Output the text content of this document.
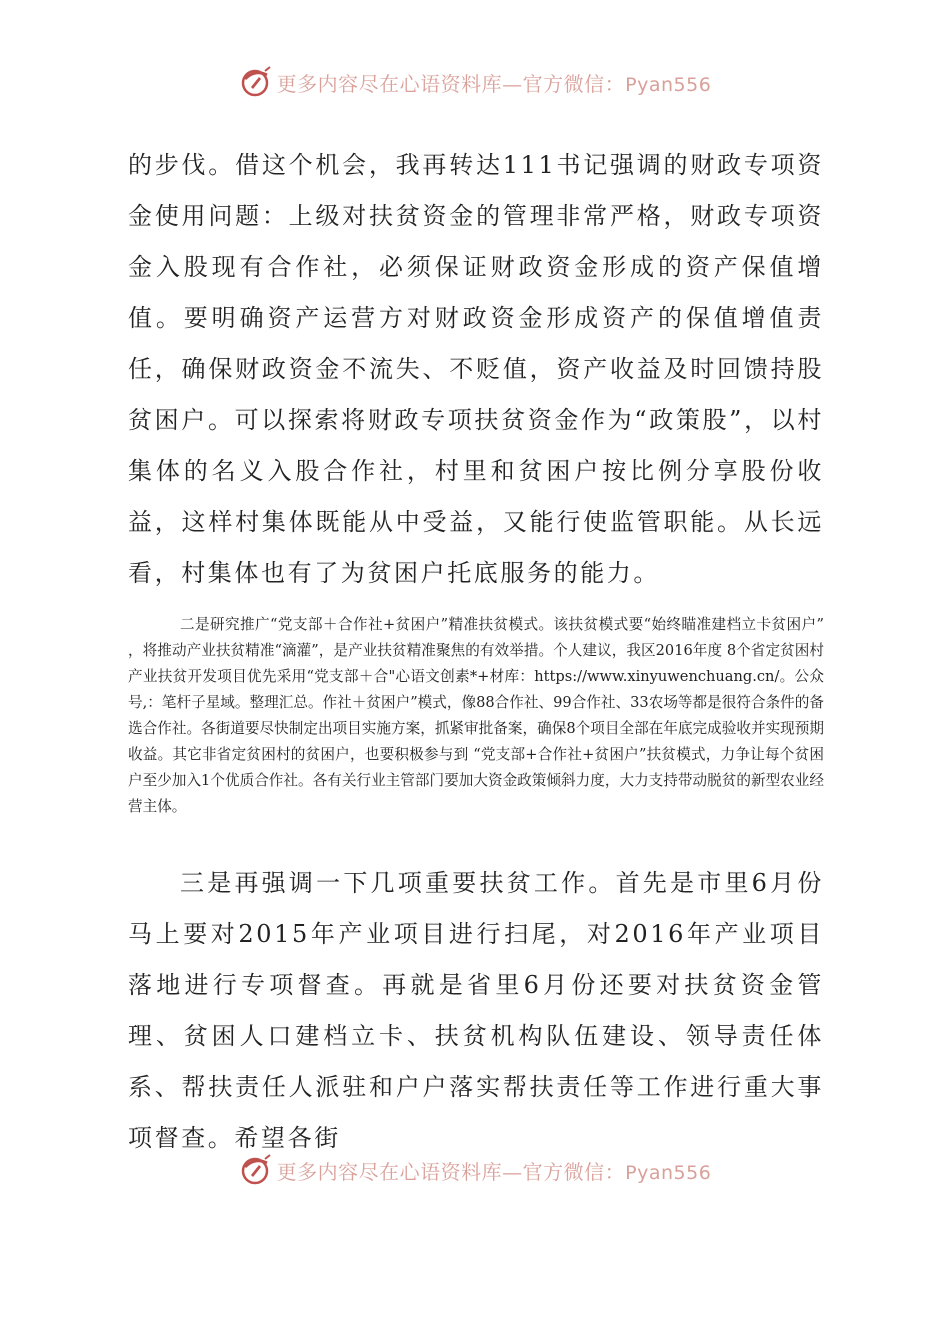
更多内容尽在心语资料库—官方微信：Pyan556

的步伐。借这个机会，我再转达111书记强调的财政专项资金使用问题：上级对扶贫资金的管理非常严格，财政专项资金入股现有合作社，必须保证财政资金形成的资产保值增值。要明确资产运营方对财政资金形成资产的保值增值责任，确保财政资金不流失、不贬值，资产收益及时回馈持股贫困户。可以探索将财政专项扶贫资金作为“政策股”，以村集体的名义入股合作社，村里和贫困户按比例分享股份收益，这样村集体既能从中受益，又能行使监管职能。从长远看，村集体也有了为贫困户托底服务的能力。

二是研究推广“党支部＋合作社+贫困户”精准扶贫模式。该扶贫模式要“始终瞄准建档立卡贫困户” ，将推动产业扶贫精准“滴灌”，是产业扶贫精准聚焦的有效举措。个人建议，我区2016年度 8个省定贫困村产业扶贫开发项目优先采用“党支部＋合"心语文创素*+材库：https://www.xinyuwenchuang.cn/。公众号,：笔杆子星域。整理汇总。作社＋贫困户”模式，像88合作社、99合作社、33农场等都是很符合条件的备选合作社。各街道要尽快制定出项目实施方案，抓紧审批备案，确保8个项目全部在年底完成验收并实现预期收益。其它非省定贫困村的贫困户，也要积极参与到 “党支部+合作社+贫困户”扶贫模式，力争让每个贫困户至少加入1个优质合作社。各有关行业主管部门要加大资金政策倾斜力度，大力支持带动脱贫的新型农业经营主体。

三是再强调一下几项重要扶贫工作。首先是市里6月份马上要对2015年产业项目进行扫尾，对2016年产业项目落地进行专项督查。再就是省里6月份还要对扶贫资金管理、贫困人口建档立卡、扶贫机构队伍建设、领导责任体系、帮扶责任人派驻和户户落实帮扶责任等工作进行重大事项督查。希望各街

更多内容尽在心语资料库—官方微信：Pyan556
